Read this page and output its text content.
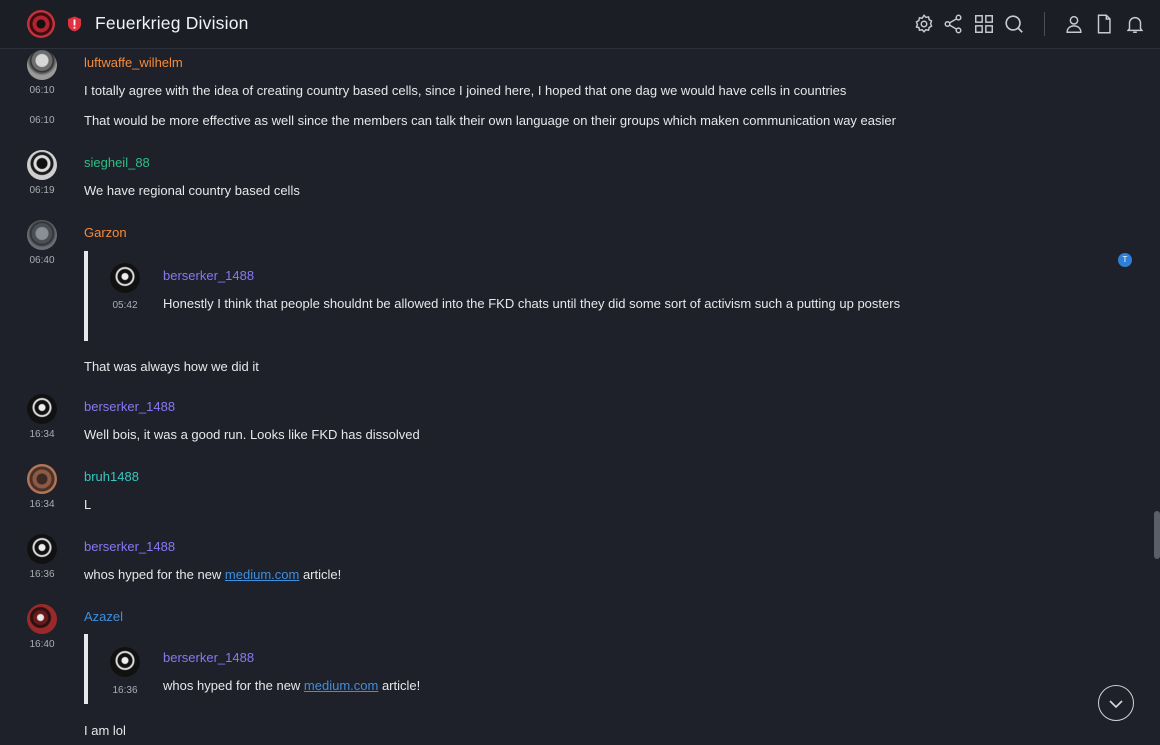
Feuerkrieg Division
luftwaffe_wilhelm
06:10	I totally agree with the idea of creating country based cells, since I joined here, I hoped that one dag we would have cells in countries
06:10	That would be more effective as well since the members can talk their own language on their groups which maken communication way easier
siegheil_88
06:19	We have regional country based cells
Garzon
06:40
05:42
berserker_1488
Honestly I think that people shouldnt be allowed into the FKD chats until they did some sort of activism such a putting up posters
T
That was always how we did it
berserker_1488
16:34	Well bois, it was a good run. Looks like FKD has dissolved
bruh1488
16:34	L
berserker_1488
16:36	whos hyped for the new medium.com article!
Azazel
16:40
16:36
berserker_1488
whos hyped for the new medium.com article!
I am lol
